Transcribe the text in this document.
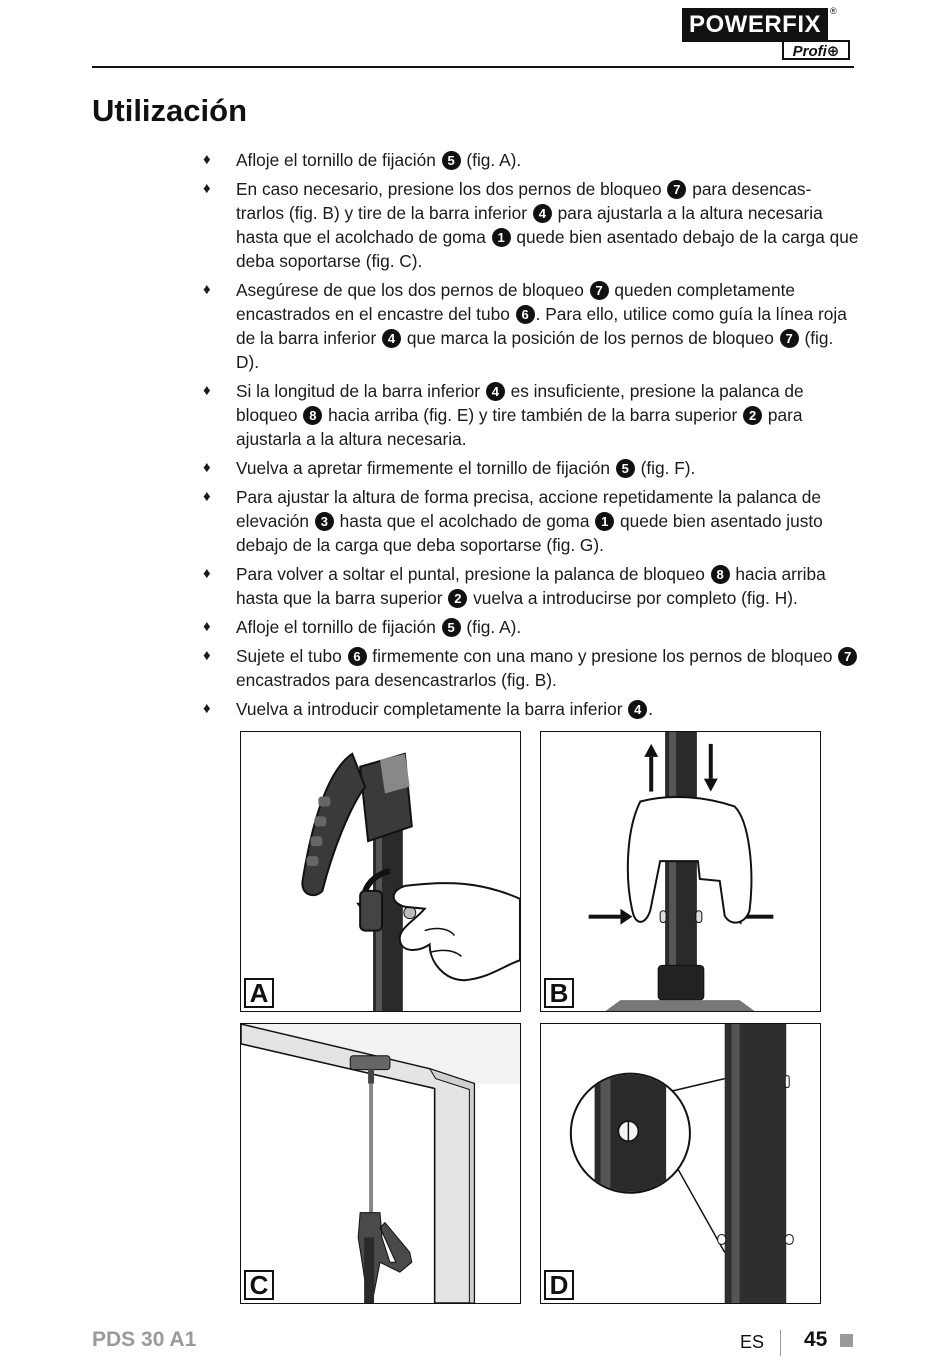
POWERFIX	®
Profi⊕
Utilización
♦ Afloje el tornillo de fijación 5 (fig. A).
♦ En caso necesario, presione los dos pernos de bloqueo 7 para desencas- trarlos (fig. B) y tire de la barra inferior 4 para ajustarla a la altura necesaria hasta que el acolchado de goma 1 quede bien asentado debajo de la carga que deba soportarse (fig. C).
♦ Asegúrese de que los dos pernos de bloqueo 7 queden completamente encastrados en el encastre del tubo 6 . Para ello, utilice como guía la línea roja de la barra inferior 4 que marca la posición de los pernos de bloqueo 7 (fig. D).
♦ Si la longitud de la barra inferior 4 es insuficiente, presione la palanca de bloqueo 8 hacia arriba (fig. E) y tire también de la barra superior 2 para ajustarla a la altura necesaria.
♦ Vuelva a apretar firmemente el tornillo de fijación 5 (fig. F).
♦ Para ajustar la altura de forma precisa, accione repetidamente la palanca de elevación 3 hasta que el acolchado de goma 1 quede bien asentado justo debajo de la carga que deba soportarse (fig. G).
♦ Para volver a soltar el puntal, presione la palanca de bloqueo 8 hacia arriba hasta que la barra superior 2 vuelva a introducirse por completo (fig. H).
♦ Afloje el tornillo de fijación 5 (fig. A).
♦ Sujete el tubo 6 firmemente con una mano y presione los pernos de bloqueo 7 encastrados para desencastrarlos (fig. B).
♦ Vuelva a introducir completamente la barra inferior 4 .
A	B
C	D
PDS 30 A1	ES 45
